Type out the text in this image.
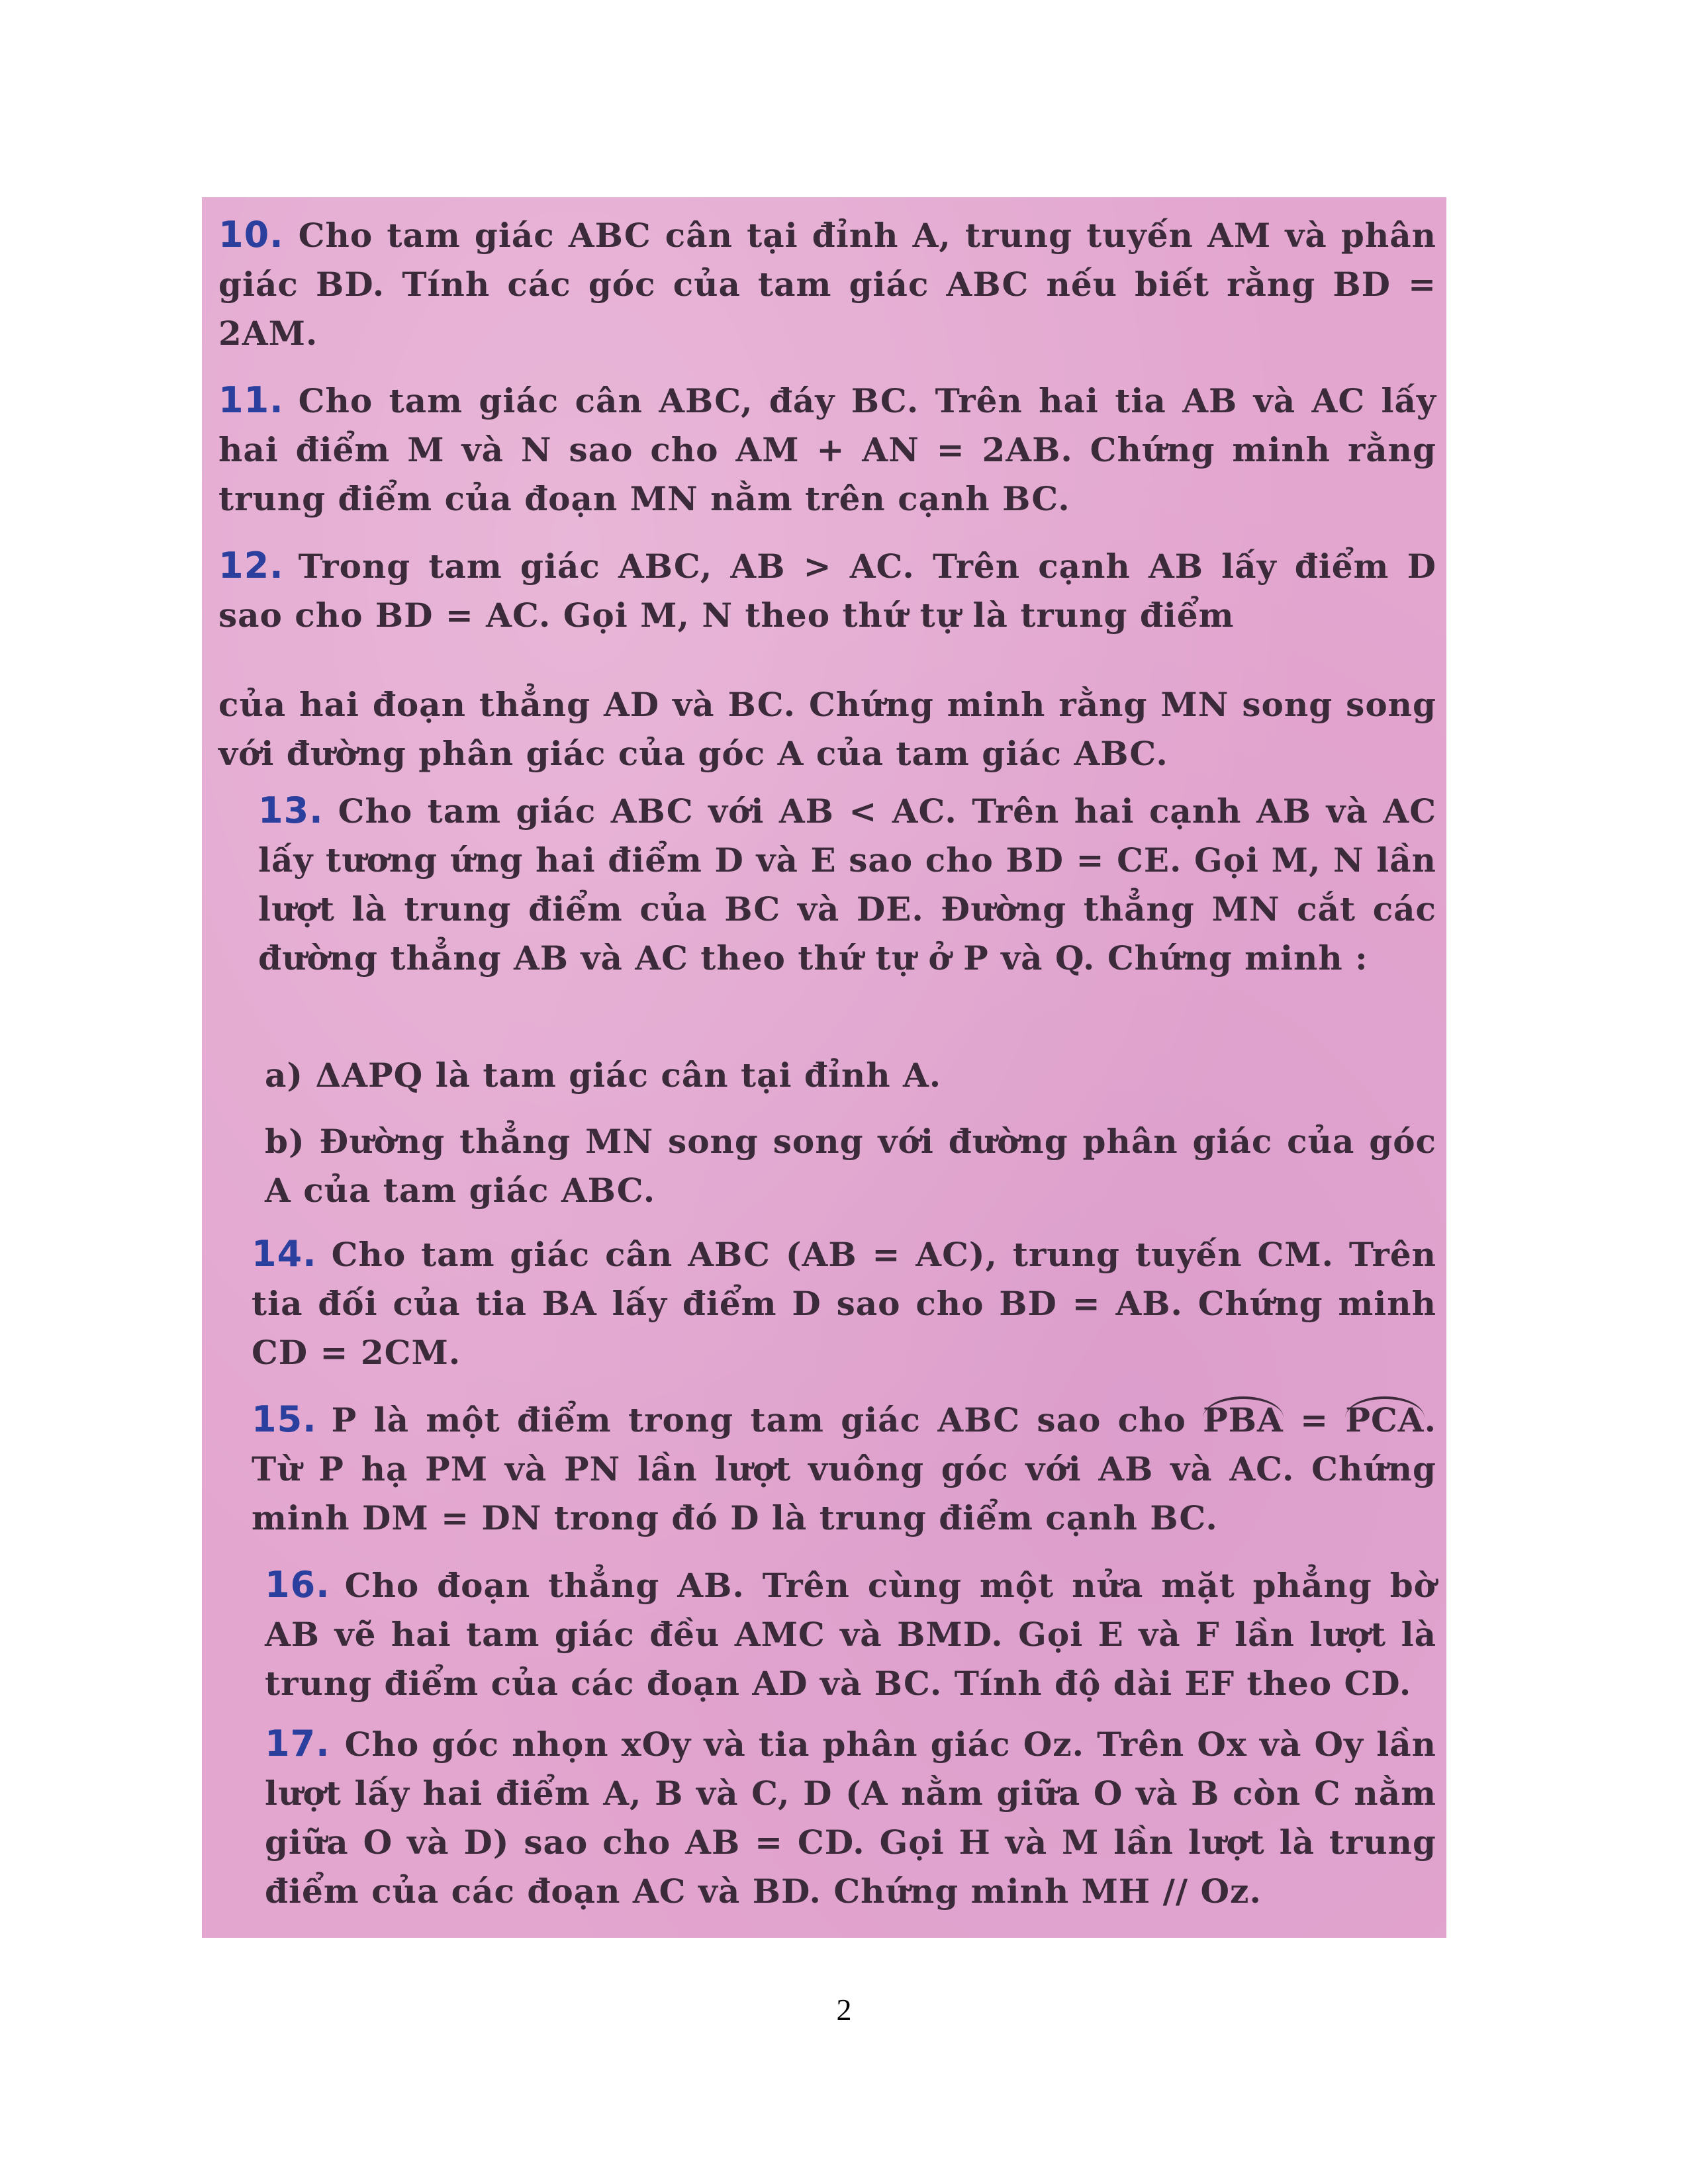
10. Cho tam giác ABC cân tại đỉnh A, trung tuyến AM và phân giác BD. Tính các góc của tam giác ABC nếu biết rằng BD = 2AM.
11. Cho tam giác cân ABC, đáy BC. Trên hai tia AB và AC lấy hai điểm M và N sao cho AM + AN = 2AB. Chứng minh rằng trung điểm của đoạn MN nằm trên cạnh BC.
12. Trong tam giác ABC, AB > AC. Trên cạnh AB lấy điểm D sao cho BD = AC. Gọi M, N theo thứ tự là trung điểm
của hai đoạn thẳng AD và BC. Chứng minh rằng MN song song với đường phân giác của góc A của tam giác ABC.
13. Cho tam giác ABC với AB < AC. Trên hai cạnh AB và AC lấy tương ứng hai điểm D và E sao cho BD = CE. Gọi M, N lần lượt là trung điểm của BC và DE. Đường thẳng MN cắt các đường thẳng AB và AC theo thứ tự ở P và Q. Chứng minh :
a) ΔAPQ là tam giác cân tại đỉnh A.
b) Đường thẳng MN song song với đường phân giác của góc A của tam giác ABC.
14. Cho tam giác cân ABC (AB = AC), trung tuyến CM. Trên tia đối của tia BA lấy điểm D sao cho BD = AB. Chứng minh CD = 2CM.
15. P là một điểm trong tam giác ABC sao cho PBA = PCA. Từ P hạ PM và PN lần lượt vuông góc với AB và AC. Chứng minh DM = DN trong đó D là trung điểm cạnh BC.
16. Cho đoạn thẳng AB. Trên cùng một nửa mặt phẳng bờ AB vẽ hai tam giác đều AMC và BMD. Gọi E và F lần lượt là trung điểm của các đoạn AD và BC. Tính độ dài EF theo CD.
17. Cho góc nhọn xOy và tia phân giác Oz. Trên Ox và Oy lần lượt lấy hai điểm A, B và C, D (A nằm giữa O và B còn C nằm giữa O và D) sao cho AB = CD. Gọi H và M lần lượt là trung điểm của các đoạn AC và BD. Chứng minh MH // Oz.
2
